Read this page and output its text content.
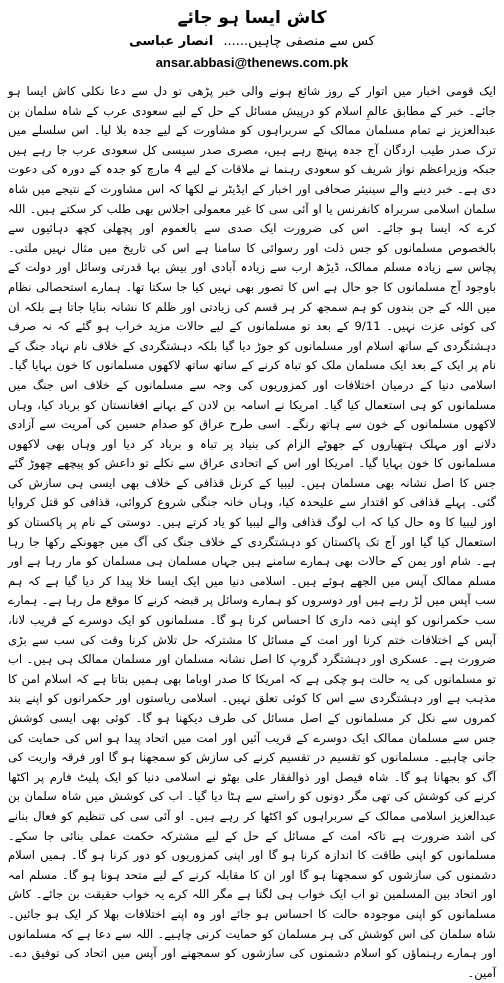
کاش ایسا ہو جائے
کس سے منصفی چاہیں...... انصار عباسی
ansar.abbasi@thenews.com.pk

ایک قومی اخبار میں اتوار کے روز شائع ہونے والی خبر پڑھی تو دل سے دعا نکلی کاش ایسا ہو جائے۔ خبر کے مطابق عالمِ اسلام کو درپیش مسائل کے حل کے لیے سعودی عرب کے شاہ سلمان بن عبدالعزیز نے تمام مسلمان ممالک کے سربراہوں کو مشاورت کے لیے جدہ بلا لیا۔ اس سلسلے میں ترک صدر طیب اردگان آج جدہ پہنچ رہے ہیں، مصری صدر سیسی کل سعودی عرب جا رہے ہیں جبکہ وزیراعظم نواز شریف کو سعودی رہنما نے ملاقات کے لیے 4 مارچ کو جدہ کے دورہ کی دعوت دی ہے۔ خبر دینے والے سینیئر صحافی اور اخبار کے ایڈیٹر نے لکھا کہ اس مشاورت کے نتیجے میں شاہ سلمان اسلامی سربراہ کانفرنس یا او آئی سی کا غیر معمولی اجلاس بھی طلب کر سکتے ہیں۔ اللہ کرے کہ ایسا ہو جائے۔ اس کی ضرورت ایک صدی سے بالعموم اور پچھلی کچھ دہائیوں سے بالخصوص مسلمانوں کو جس ذلت اور رسوائی کا سامنا ہے اس کی تاریخ میں مثال نہیں ملتی۔ پچاس سے زیادہ مسلم ممالک، ڈیڑھ ارب سے زیادہ آبادی اور بیش بہا قدرتی وسائل اور دولت کے باوجود آج مسلمانوں کا جو حال ہے اس کا تصور بھی نہیں کیا جا سکتا تھا۔ ہمارے استحصالی نظام میں اللہ کے جن بندوں کو ہم سمجھ کر ہر قسم کی زیادتی اور ظلم کا نشانہ بنایا جاتا ہے بلکہ ان کی کوئی عزت نہیں۔ 9/11 کے بعد تو مسلمانوں کے لیے حالات مزید خراب ہو گئے کہ نہ صرف دہشتگردی کے ساتھ اسلام اور مسلمانوں کو جوڑ دیا گیا بلکہ دہشتگردی کے خلاف نام نہاد جنگ کے نام پر ایک کے بعد ایک مسلمان ملک کو تباہ کرنے کے ساتھ ساتھ لاکھوں مسلمانوں کا خون بہایا گیا۔ اسلامی دنیا کے درمیان اختلافات اور کمزوریوں کی وجہ سے مسلمانوں کے خلاف اس جنگ میں مسلمانوں کو ہی استعمال کیا گیا۔ امریکا نے اسامہ بن لادن کے بہانے افغانستان کو برباد کیا، وہاں لاکھوں مسلمانوں کے خون سے ہاتھ رنگے۔ اسی طرح عراق کو صدام حسین کی آمریت سے آزادی دلانے اور مہلک ہتھیاروں کے جھوٹے الزام کی بنیاد پر تباہ و برباد کر دیا اور وہاں بھی لاکھوں مسلمانوں کا خون بہایا گیا۔ امریکا اور اس کے اتحادی عراق سے نکلے تو داعش کو پیچھے چھوڑ گئے جس کا اصل نشانہ بھی مسلمان ہیں۔ لیبیا کے کرنل قذافی کے خلاف بھی ایسی ہی سازش کی گئی۔ پہلے قذافی کو اقتدار سے علیحدہ کیا، وہاں خانہ جنگی شروع کروائی، قذافی کو قتل کروایا اور لیبیا کا وہ حال کیا کہ اب لوگ قذافی والے لیبیا کو یاد کرتے ہیں۔ دوستی کے نام پر پاکستان کو استعمال کیا گیا اور آج تک پاکستان کو دہشتگردی کے خلاف جنگ کی آگ میں جھونکے رکھا جا رہا ہے۔ شام اور یمن کے حالات بھی ہمارے سامنے ہیں جہاں مسلمان ہی مسلمان کو مار رہا ہے اور مسلم ممالک آپس میں الجھے ہوئے ہیں۔ اسلامی دنیا میں ایک ایسا خلا پیدا کر دیا گیا ہے کہ ہم سب آپس میں لڑ رہے ہیں اور دوسروں کو ہمارے وسائل پر قبضہ کرنے کا موقع مل رہا ہے۔ ہمارے سب حکمرانوں کو اپنی ذمہ داری کا احساس کرنا ہو گا۔ مسلمانوں کو ایک دوسرے کے قریب لانا، آپس کے اختلافات ختم کرنا اور امت کے مسائل کا مشترکہ حل تلاش کرنا وقت کی سب سے بڑی ضرورت ہے۔ عسکری اور دہشتگرد گروپ کا اصل نشانہ مسلمان اور مسلمان ممالک ہی ہیں۔ اب تو مسلمانوں کی یہ حالت ہو چکی ہے کہ امریکا کا صدر اوباما بھی ہمیں بتاتا ہے کہ اسلام امن کا مذہب ہے اور دہشتگردی سے اس کا کوئی تعلق نہیں۔ اسلامی ریاستوں اور حکمرانوں کو اپنے بند کمروں سے نکل کر مسلمانوں کے اصل مسائل کی طرف دیکھنا ہو گا۔ کوئی بھی ایسی کوشش جس سے مسلمان ممالک ایک دوسرے کے قریب آئیں اور امت میں اتحاد پیدا ہو اس کی حمایت کی جانی چاہیے۔ مسلمانوں کو تقسیم در تقسیم کرنے کی سازش کو سمجھنا ہو گا اور فرقہ واریت کی آگ کو بجھانا ہو گا۔ شاہ فیصل اور ذوالفقار علی بھٹو نے اسلامی دنیا کو ایک پلیٹ فارم پر اکٹھا کرنے کی کوشش کی تھی مگر دونوں کو راستے سے ہٹا دیا گیا۔ اب کی کوشش میں شاہ سلمان بن عبدالعزیز اسلامی ممالک کے سربراہوں کو اکٹھا کر رہے ہیں۔ او آئی سی کی تنظیم کو فعال بنانے کی اشد ضرورت ہے تاکہ امت کے مسائل کے حل کے لیے مشترکہ حکمت عملی بنائی جا سکے۔ مسلمانوں کو اپنی طاقت کا اندازہ کرنا ہو گا اور اپنی کمزوریوں کو دور کرنا ہو گا۔ ہمیں اسلام دشمنوں کی سازشوں کو سمجھنا ہو گا اور ان کا مقابلہ کرنے کے لیے متحد ہونا ہو گا۔ مسلم امہ اور اتحاد بین المسلمین تو اب ایک خواب ہی لگتا ہے مگر اللہ کرے یہ خواب حقیقت بن جائے۔ کاش مسلمانوں کو اپنی موجودہ حالت کا احساس ہو جائے اور وہ اپنے اختلافات بھلا کر ایک ہو جائیں۔ شاہ سلمان کی اس کوشش کی ہر مسلمان کو حمایت کرنی چاہیے۔ اللہ سے دعا ہے کہ مسلمانوں اور ہمارے رہنماؤں کو اسلام دشمنوں کی سازشوں کو سمجھنے اور آپس میں اتحاد کی توفیق دے۔ آمین۔
